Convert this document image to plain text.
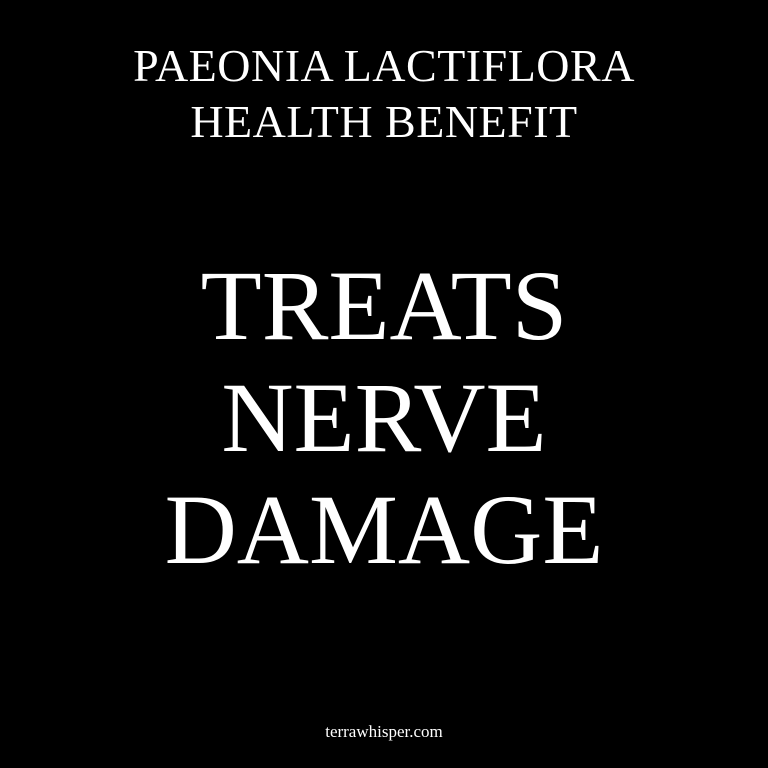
PAEONIA LACTIFLORA
HEALTH BENEFIT
TREATS
NERVE
DAMAGE
terrawhisper.com
